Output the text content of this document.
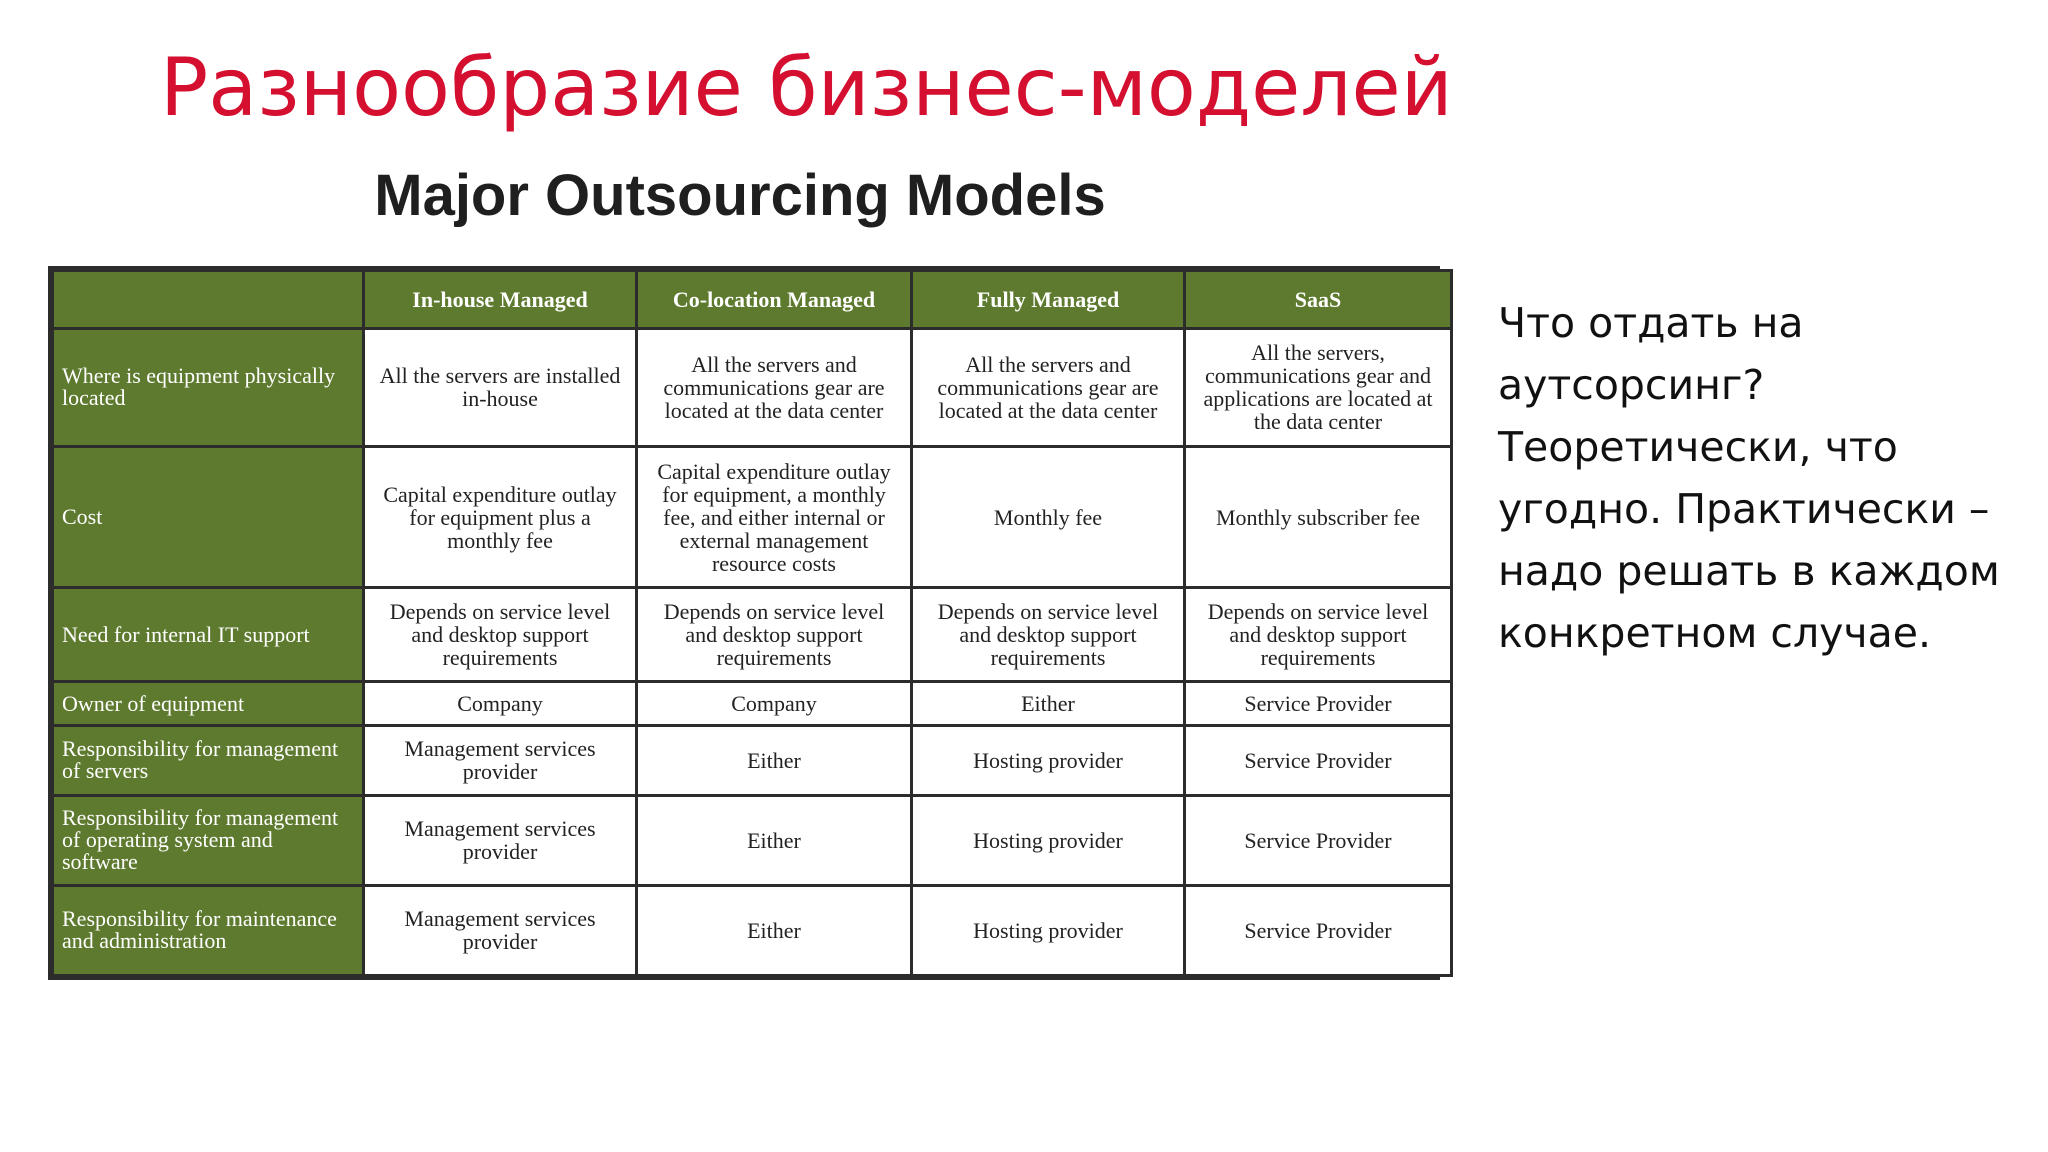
Разнообразие бизнес-моделей
Major Outsourcing Models
	In-house Managed	Co-location Managed	Fully Managed	SaaS
Where is equipment physically located	All the servers are installed in-house	All the servers and communications gear are located at the data center	All the servers and communications gear are located at the data center	All the servers, communications gear and applications are located at the data center
Cost	Capital expenditure outlay for equipment plus a monthly fee	Capital expenditure outlay for equipment, a monthly fee, and either internal or external management resource costs	Monthly fee	Monthly subscriber fee
Need for internal IT support	Depends on service level and desktop support requirements	Depends on service level and desktop support requirements	Depends on service level and desktop support requirements	Depends on service level and desktop support requirements
Owner of equipment	Company	Company	Either	Service Provider
Responsibility for management of servers	Management services provider	Either	Hosting provider	Service Provider
Responsibility for management of operating system and software	Management services provider	Either	Hosting provider	Service Provider
Responsibility for maintenance and administration	Management services provider	Either	Hosting provider	Service Provider
Что отдать на аутсорсинг? Теоретически, что угодно. Практически – надо решать в каждом конкретном случае.
